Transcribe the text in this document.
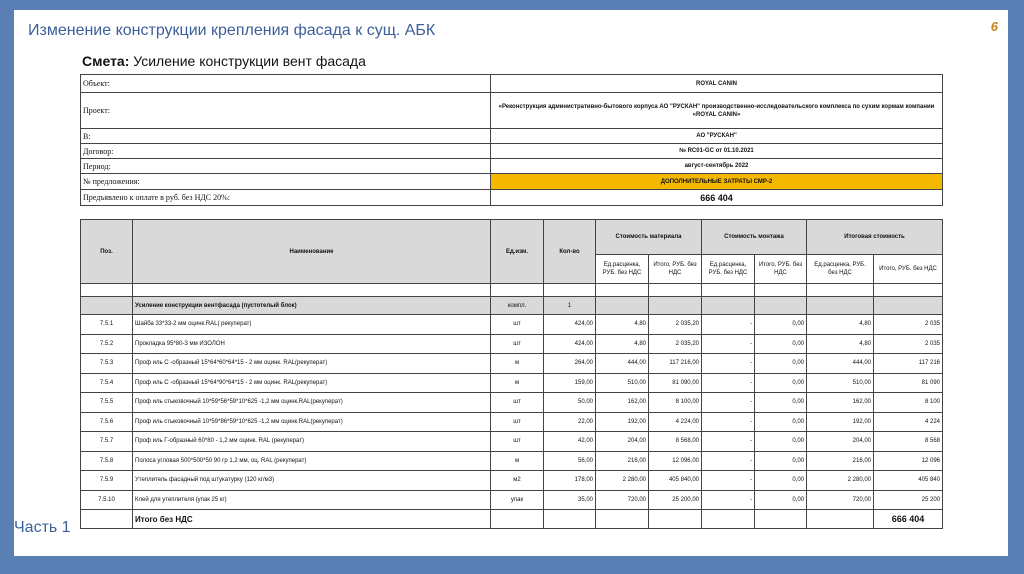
Изменение конструкции крепления фасада к сущ. АБК	6
Смета: Усиление конструкции вент фасада
Объект:	ROYAL CANIN
Проект:	«Реконструкция административно-бытового корпуса АО "РУСКАН" производственно-исследовательского комплекса по сухим кормам компании «ROYAL CANIN»
В:	АО "РУСКАН"
Договор:	№ RC01-GC от 01.10.2021
Период:	август-сентябрь 2022
№ предложения:	ДОПОЛНИТЕЛЬНЫЕ ЗАТРАТЫ СМР-2
Предъявлено к оплате в руб. без НДС 20%:	666 404
Поз.	Наименование	Ед.изм.	Кол-во	Стоимость материала		Стоимость монтажа		Итоговая стоимость	
				Ед.расценка, РУБ. без НДС	Итого, РУБ. без НДС	Ед.расценка, РУБ. без НДС	Итого, РУБ. без НДС	Ед.расценка, РУБ. без НДС	Итого, РУБ. без НДС

	Усиление конструкции вентфасада (пустотелый блок)	компл.	1						
7.5.1	Шайба 33*33-2 мм оцинк.RAL( рекуперат)	шт	424,00	4,80	2 035,20	-	0,00	4,80	2 035
7.5.2	Прокладка 95*80-3 мм ИЗОЛОН	шт	424,00	4,80	2 035,20	-	0,00	4,80	2 035
7.5.3	Проф иль С -образный 15*64*60*64*15 - 2 мм оцинк. RAL(рекуперат)	м	264,00	444,00	117 216,00	-	0,00	444,00	117 216
7.5.4	Проф иль С -образный 15*64*90*64*15 - 2 мм оцинк. RAL(рекуперат)	м	159,00	510,00	81 090,00	-	0,00	510,00	81 090
7.5.5	Проф иль стыковочный 10*59*56*59*10*625 -1,2 мм оцинк.RAL(рекуперат)	шт	50,00	162,00	8 100,00	-	0,00	162,00	8 100
7.5.6	Проф иль стыковочный 10*59*86*59*10*625 -1,2 мм оцинк.RAL(рекуперат)	шт	22,00	192,00	4 224,00	-	0,00	192,00	4 224
7.5.7	Проф иль Г-образный 60*80 - 1,2 мм оцинк. RAL (рекуперат)	шт	42,00	204,00	8 568,00	-	0,00	204,00	8 568
7.5.8	Полоса угловая 500*500*50 90 гр 1,2 мм, оц. RAL (рекуперат)	м	56,00	216,00	12 096,00	-	0,00	216,00	12 096
7.5.9	Утеплитель фасадный под штукатурку (120 кг/м3)	м2	178,00	2 280,00	405 840,00	-	0,00	2 280,00	405 840
7.5.10	Клей для утеплителя (упак 25 кг)	упак	35,00	720,00	25 200,00	-	0,00	720,00	25 200
	Итого без НДС								666 404
Часть 1
